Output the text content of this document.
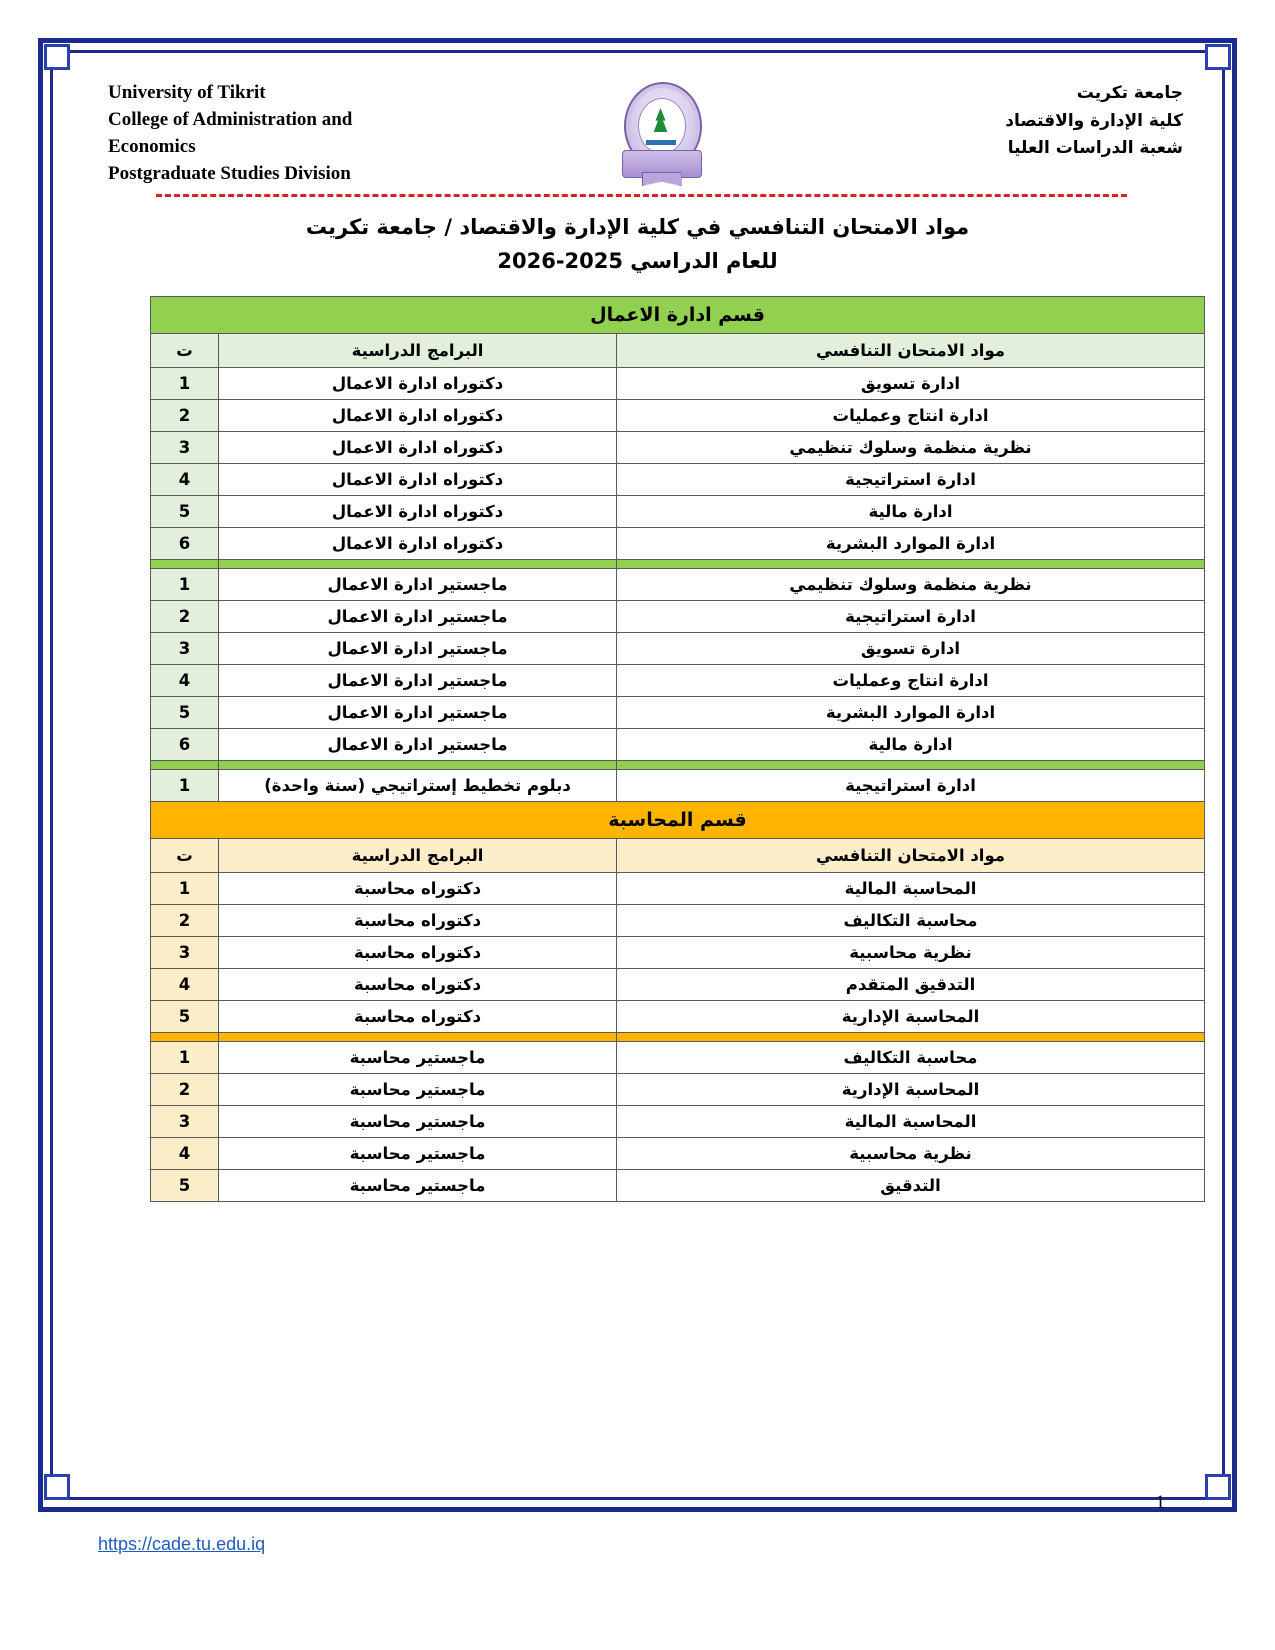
University of Tikrit
College of Administration and
Economics
Postgraduate Studies Division
جامعة تكريت
كلية الإدارة والاقتصاد
شعبة الدراسات العليا
مواد الامتحان التنافسي في كلية الإدارة والاقتصاد / جامعة تكريت
للعام الدراسي 2025-2026
قسم ادارة الاعمال		
مواد الامتحان التنافسي	البرامج الدراسية	ت
ادارة تسويق	دكتوراه ادارة الاعمال	1
ادارة انتاج وعمليات	دكتوراه ادارة الاعمال	2
نظرية منظمة وسلوك تنظيمي	دكتوراه ادارة الاعمال	3
ادارة استراتيجية	دكتوراه ادارة الاعمال	4
ادارة مالية	دكتوراه ادارة الاعمال	5
ادارة الموارد البشرية	دكتوراه ادارة الاعمال	6

نظرية منظمة وسلوك تنظيمي	ماجستير ادارة الاعمال	1
ادارة استراتيجية	ماجستير ادارة الاعمال	2
ادارة تسويق	ماجستير ادارة الاعمال	3
ادارة انتاج وعمليات	ماجستير ادارة الاعمال	4
ادارة الموارد البشرية	ماجستير ادارة الاعمال	5
ادارة مالية	ماجستير ادارة الاعمال	6

ادارة استراتيجية	دبلوم تخطيط إستراتيجي (سنة واحدة)	1
قسم المحاسبة		
مواد الامتحان التنافسي	البرامج الدراسية	ت
المحاسبة المالية	دكتوراه محاسبة	1
محاسبة التكاليف	دكتوراه محاسبة	2
نظرية محاسبية	دكتوراه محاسبة	3
التدقيق المتقدم	دكتوراه محاسبة	4
المحاسبة الإدارية	دكتوراه محاسبة	5

محاسبة التكاليف	ماجستير محاسبة	1
المحاسبة الإدارية	ماجستير محاسبة	2
المحاسبة المالية	ماجستير محاسبة	3
نظرية محاسبية	ماجستير محاسبة	4
التدقيق	ماجستير محاسبة	5
1
https://cade.tu.edu.iq
